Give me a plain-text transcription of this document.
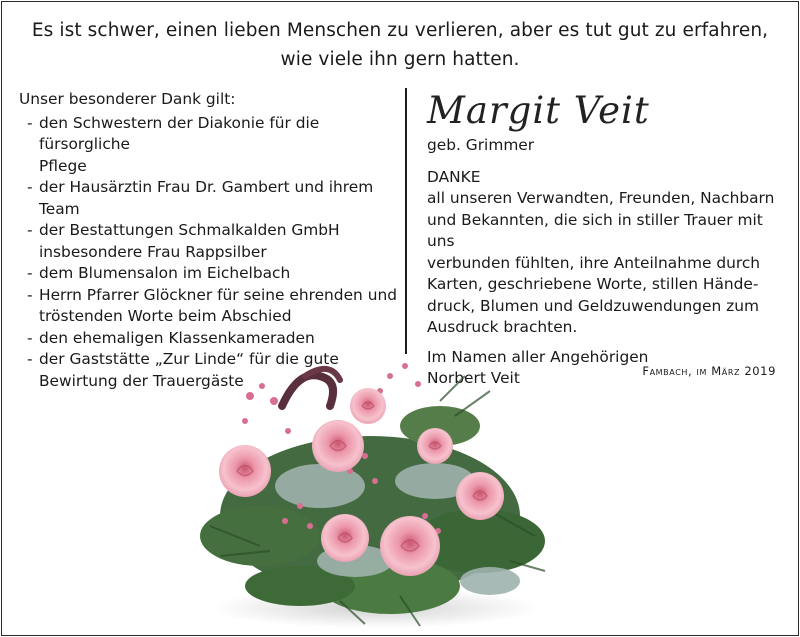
Es ist schwer, einen lieben Menschen zu verlieren, aber es tut gut zu erfahren,
wie viele ihn gern hatten.
Unser besonderer Dank gilt:
- den Schwestern der Diakonie für die fürsorgliche
Pflege
- der Hausärztin Frau Dr. Gambert und ihrem Team
- der Bestattungen Schmalkalden GmbH
insbesondere Frau Rappsilber
- dem Blumensalon im Eichelbach
- Herrn Pfarrer Glöckner für seine ehrenden und
tröstenden Worte beim Abschied
- den ehemaligen Klassenkameraden
- der Gaststätte „Zur Linde“ für die gute
Bewirtung der Trauergäste
Margit Veit
geb. Grimmer
DANKE
all unseren Verwandten, Freunden, Nachbarn
und Bekannten, die sich in stiller Trauer mit uns
verbunden fühlten, ihre Anteilnahme durch
Karten, geschriebene Worte, stillen Hände-
druck, Blumen und Geldzuwendungen zum
Ausdruck brachten.
Im Namen aller Angehörigen
Norbert Veit	Fambach, im März 2019
